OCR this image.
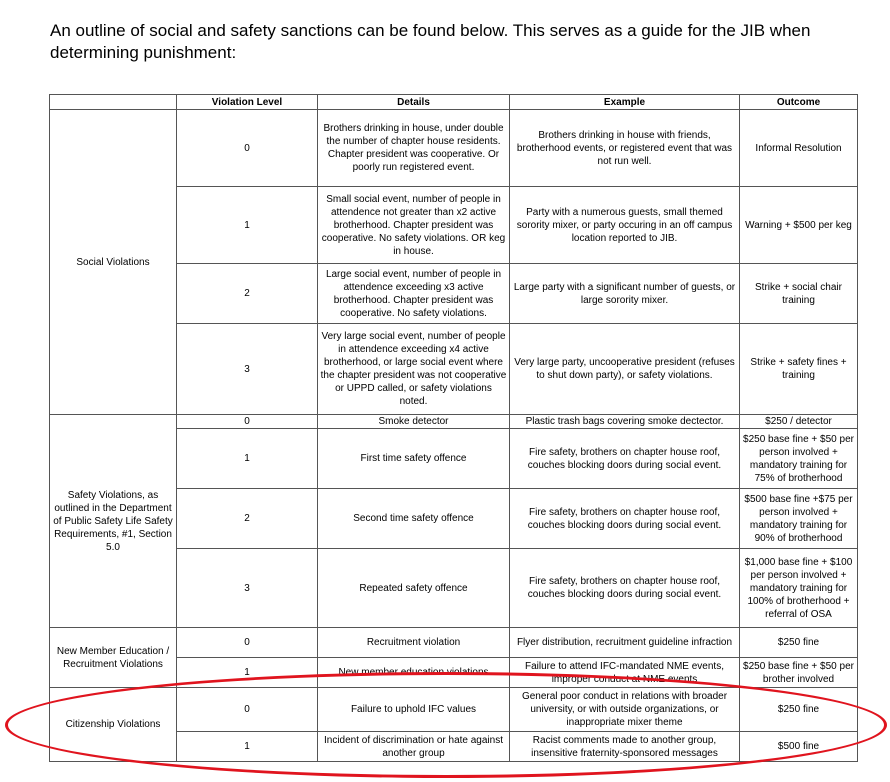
An outline of social and safety sanctions can be found below. This serves as a guide for the JIB when determining punishment:

	Violation Level	Details	Example	Outcome
Social Violations	0	Brothers drinking in house, under double the number of chapter house residents. Chapter president was cooperative. Or poorly run registered event.	Brothers drinking in house with friends, brotherhood events, or registered event that was not run well.	Informal Resolution
	1	Small social event, number of people in attendence not greater than x2 active brotherhood. Chapter president was cooperative. No safety violations. OR keg in house.	Party with a numerous guests, small themed sorority mixer, or party occuring in an off campus location reported to JIB.	Warning + $500 per keg
	2	Large social event, number of people in attendence exceeding x3 active brotherhood. Chapter president was cooperative. No safety violations.	Large party with a significant number of guests, or large sorority mixer.	Strike + social chair training
	3	Very large social event, number of people in attendence exceeding x4 active brotherhood, or large social event where the chapter president was not cooperative or UPPD called, or safety violations noted.	Very large party, uncooperative president (refuses to shut down party), or safety violations.	Strike + safety fines + training
Safety Violations, as outlined in the Department of Public Safety Life Safety Requirements, #1, Section 5.0	0	Smoke detector	Plastic trash bags covering smoke dectector.	$250 / detector
	1	First time safety offence	Fire safety, brothers on chapter house roof, couches blocking doors during social event.	$250 base fine + $50 per person involved + mandatory training for 75% of brotherhood
	2	Second time safety offence	Fire safety, brothers on chapter house roof, couches blocking doors during social event.	$500 base fine +$75 per person involved + mandatory training for 90% of brotherhood
	3	Repeated safety offence	Fire safety, brothers on chapter house roof, couches blocking doors during social event.	$1,000 base fine + $100 per person involved + mandatory training for 100% of brotherhood + referral of OSA
New Member Education / Recruitment Violations	0	Recruitment violation	Flyer distribution, recruitment guideline infraction	$250 fine
	1	New member education violations	Failure to attend IFC-mandated NME events, improper conduct at NME events	$250 base fine + $50 per brother involved
Citizenship Violations	0	Failure to uphold IFC values	General poor conduct in relations with broader university, or with outside organizations, or inappropriate mixer theme	$250 fine
	1	Incident of discrimination or hate against another group	Racist comments made to another group, insensitive fraternity-sponsored messages	$500 fine
